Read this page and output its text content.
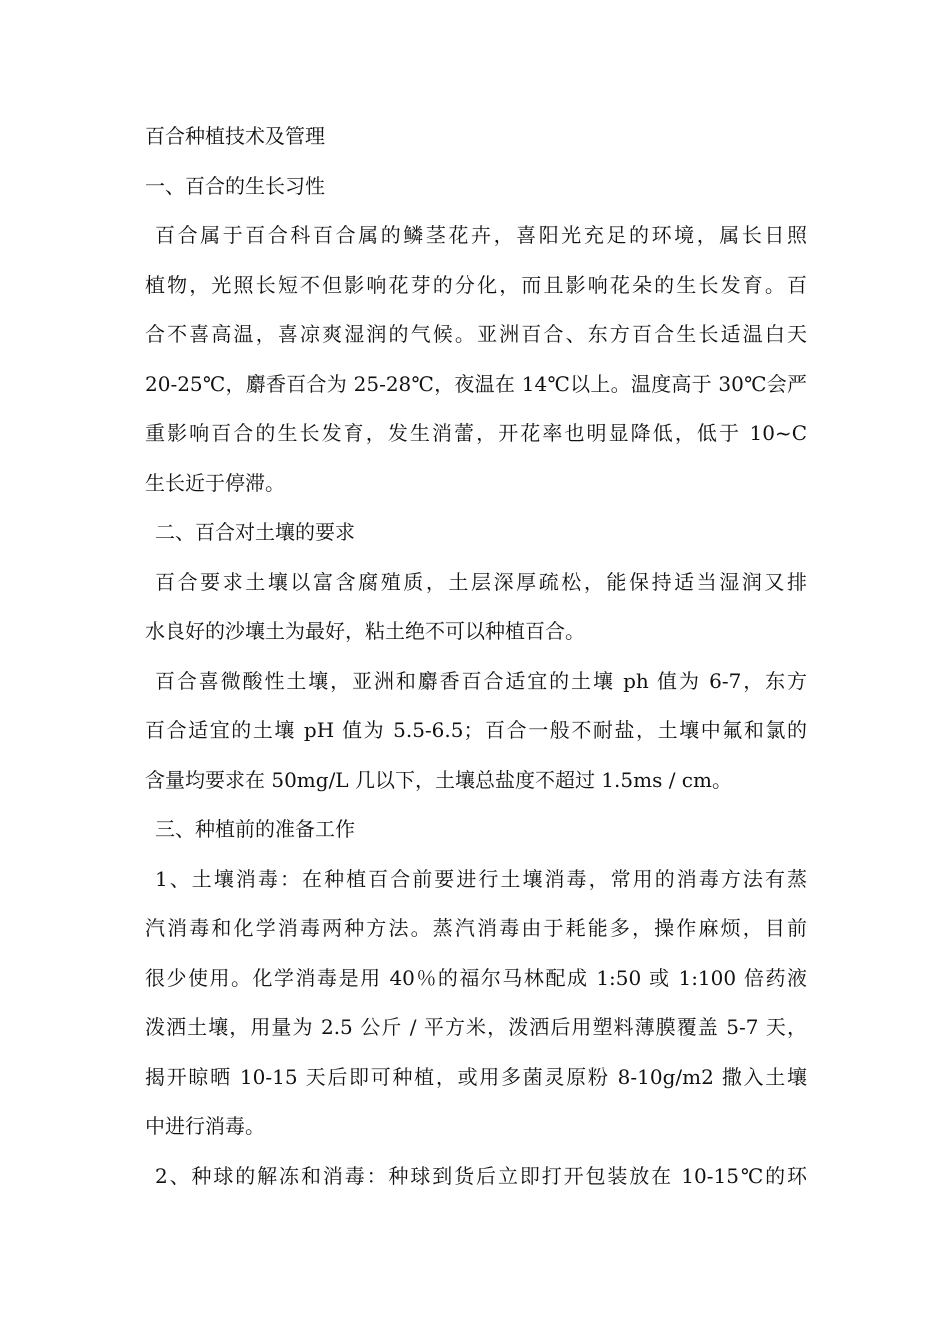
百合种植技术及管理
一、百合的生长习性
百合属于百合科百合属的鳞茎花卉，喜阳光充足的环境，属长日照
植物，光照长短不但影响花芽的分化，而且影响花朵的生长发育。百
合不喜高温，喜凉爽湿润的气候。亚洲百合、东方百合生长适温白天
20-25℃，麝香百合为 25-28℃，夜温在 14℃以上。温度高于 30℃会严
重影响百合的生长发育，发生消蕾，开花率也明显降低，低于 10~C
生长近于停滞。
二、百合对土壤的要求
百合要求土壤以富含腐殖质，土层深厚疏松，能保持适当湿润又排
水良好的沙壤土为最好，粘土绝不可以种植百合。
百合喜微酸性土壤，亚洲和麝香百合适宜的土壤 ph 值为 6-7，东方
百合适宜的土壤 pH 值为 5.5-6.5；百合一般不耐盐，土壤中氟和氯的
含量均要求在 50mg/L 几以下，土壤总盐度不超过 1.5ms / cm。
三、种植前的准备工作
1、土壤消毒：在种植百合前要进行土壤消毒，常用的消毒方法有蒸
汽消毒和化学消毒两种方法。蒸汽消毒由于耗能多，操作麻烦，目前
很少使用。化学消毒是用 40％的福尔马林配成 1:50 或 1:100 倍药液
泼洒土壤，用量为 2.5 公斤 / 平方米，泼洒后用塑料薄膜覆盖 5-7 天，
揭开晾晒 10-15 天后即可种植，或用多菌灵原粉 8-10g/m2 撒入土壤
中进行消毒。
2、种球的解冻和消毒：种球到货后立即打开包装放在 10-15℃的环
